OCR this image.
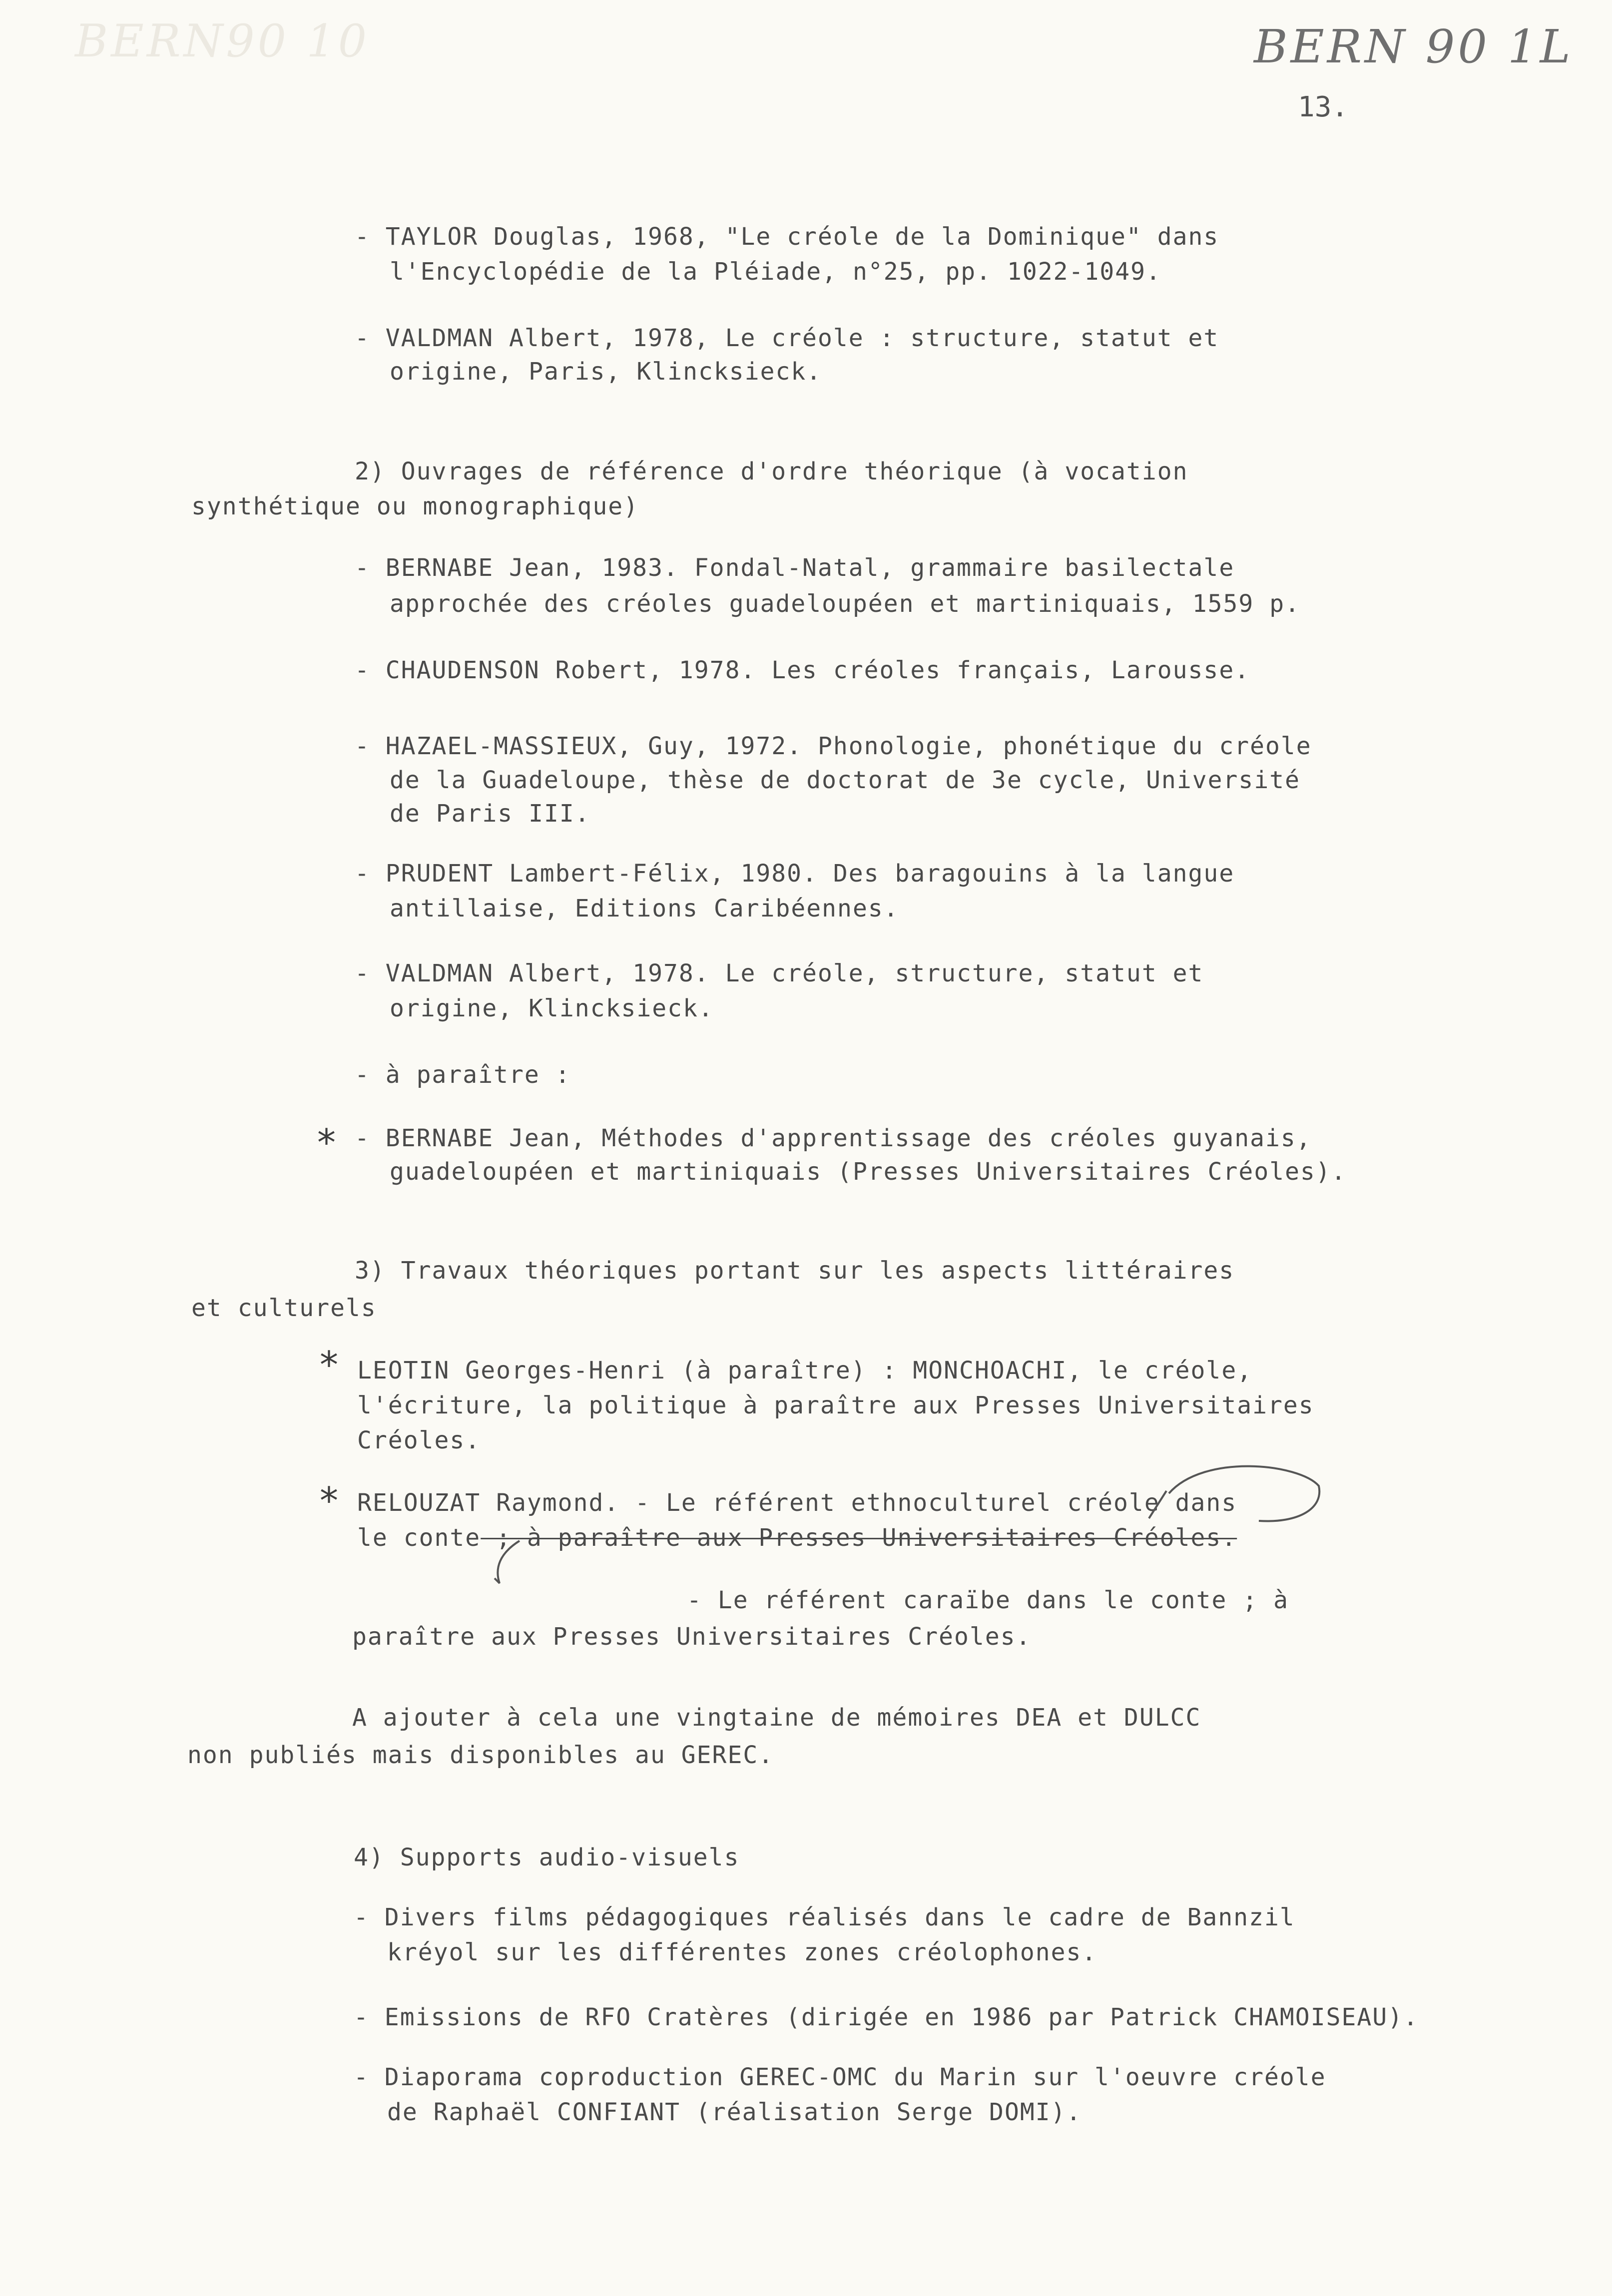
BERN90 10	BERN 90 1L
13.
- TAYLOR Douglas, 1968, "Le créole de la Dominique" dans
l'Encyclopédie de la Pléiade, n°25, pp. 1022-1049.
- VALDMAN Albert, 1978, Le créole : structure, statut et
origine, Paris, Klincksieck.
2) Ouvrages de référence d'ordre théorique (à vocation
synthétique ou monographique)
- BERNABE Jean, 1983. Fondal-Natal, grammaire basilectale
approchée des créoles guadeloupéen et martiniquais, 1559 p.
- CHAUDENSON Robert, 1978. Les créoles français, Larousse.
- HAZAEL-MASSIEUX, Guy, 1972. Phonologie, phonétique du créole
de la Guadeloupe, thèse de doctorat de 3e cycle, Université
de Paris III.
- PRUDENT Lambert-Félix, 1980. Des baragouins à la langue
antillaise, Editions Caribéennes.
- VALDMAN Albert, 1978. Le créole, structure, statut et
origine, Klincksieck.
- à paraître :
* - BERNABE Jean, Méthodes d'apprentissage des créoles guyanais,
guadeloupéen et martiniquais (Presses Universitaires Créoles).
3) Travaux théoriques portant sur les aspects littéraires
et culturels
* LEOTIN Georges-Henri (à paraître) : MONCHOACHI, le créole,
l'écriture, la politique à paraître aux Presses Universitaires
Créoles.
* RELOUZAT Raymond. - Le référent ethnoculturel créole dans
le conte ; à paraître aux Presses Universitaires Créoles.
- Le référent caraïbe dans le conte ; à
paraître aux Presses Universitaires Créoles.
A ajouter à cela une vingtaine de mémoires DEA et DULCC
non publiés mais disponibles au GEREC.
4) Supports audio-visuels
- Divers films pédagogiques réalisés dans le cadre de Bannzil
kréyol sur les différentes zones créolophones.
- Emissions de RFO Cratères (dirigée en 1986 par Patrick CHAMOISEAU).
- Diaporama coproduction GEREC-OMC du Marin sur l'oeuvre créole
de Raphaël CONFIANT (réalisation Serge DOMI).
